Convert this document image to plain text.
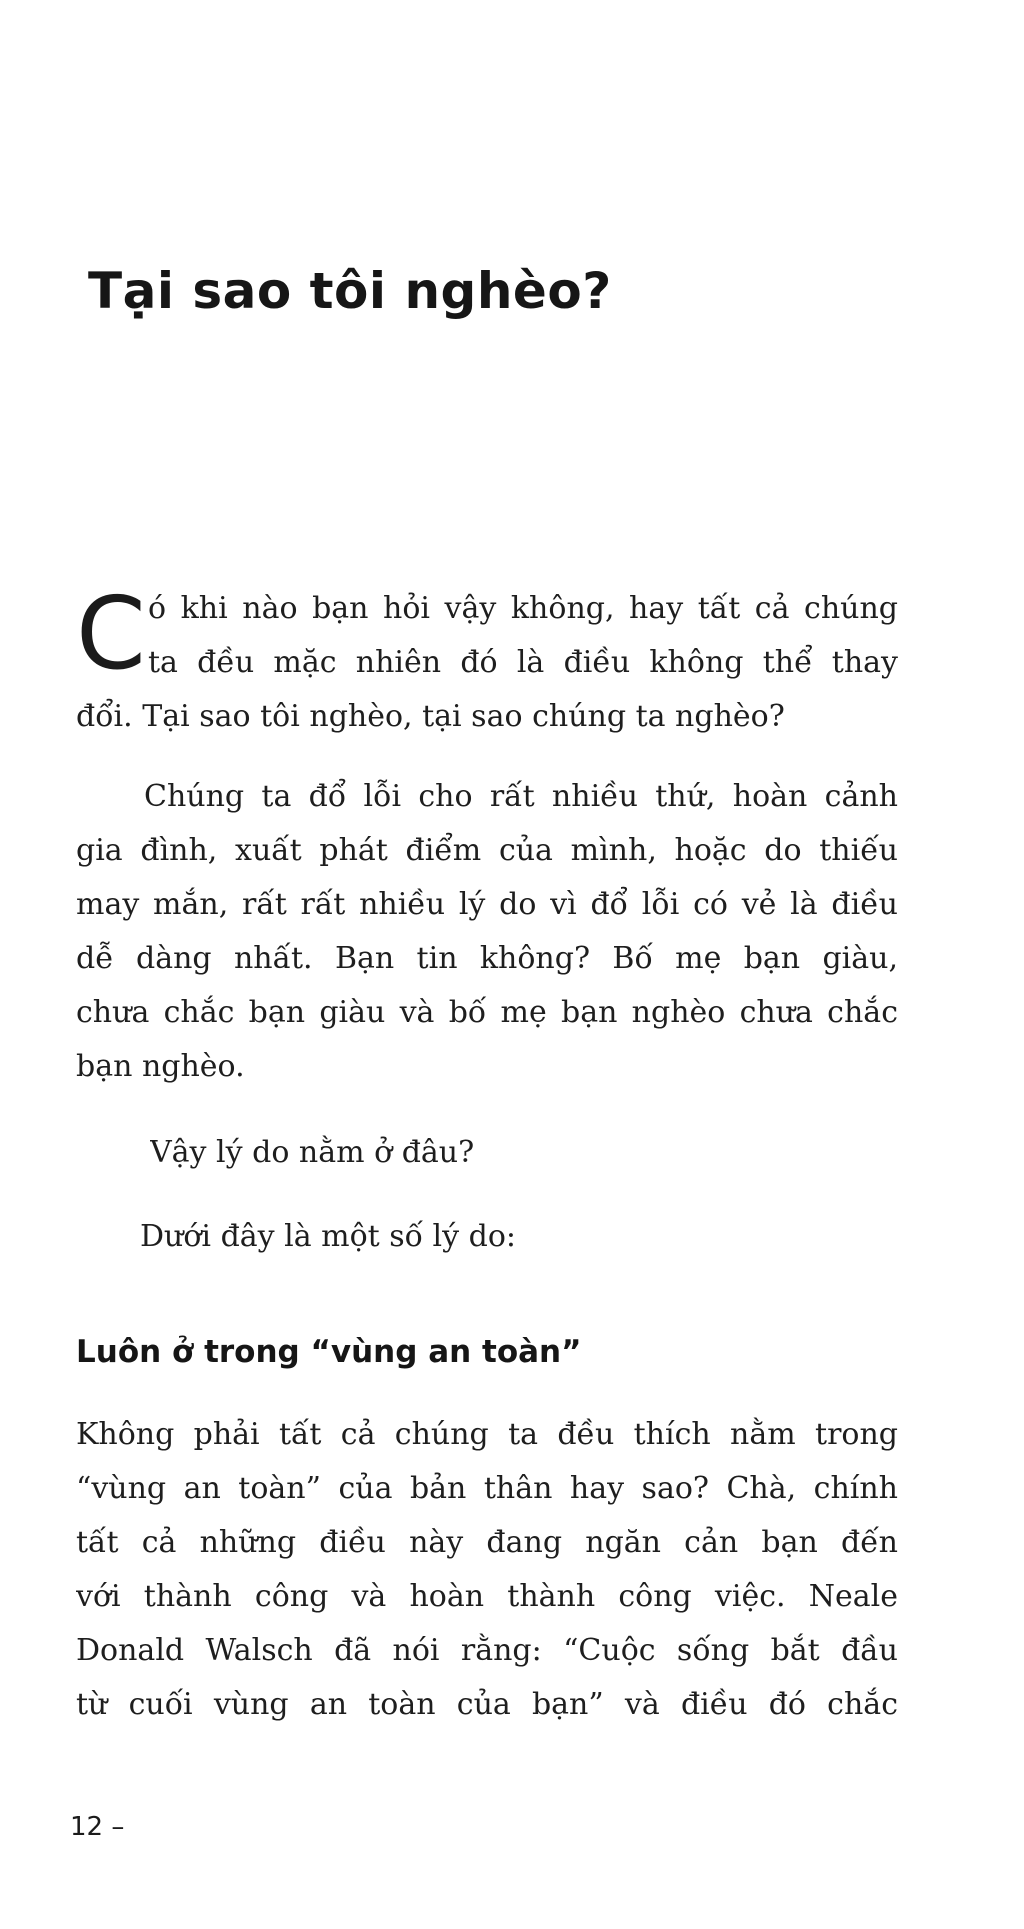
Tại sao tôi nghèo?
C ó khi nào bạn hỏi vậy không, hay tất cả chúng
ta đều mặc nhiên đó là điều không thể thay
đổi. Tại sao tôi nghèo, tại sao chúng ta nghèo?
Chúng ta đổ lỗi cho rất nhiều thứ, hoàn cảnh
gia đình, xuất phát điểm của mình, hoặc do thiếu
may mắn, rất rất nhiều lý do vì đổ lỗi có vẻ là điều
dễ dàng nhất. Bạn tin không? Bố mẹ bạn giàu,
chưa chắc bạn giàu và bố mẹ bạn nghèo chưa chắc
bạn nghèo.
Vậy lý do nằm ở đâu?
Dưới đây là một số lý do:
Luôn ở trong “vùng an toàn”
Không phải tất cả chúng ta đều thích nằm trong
“vùng an toàn” của bản thân hay sao? Chà, chính
tất cả những điều này đang ngăn cản bạn đến
với thành công và hoàn thành công việc. Neale
Donald Walsch đã nói rằng: “Cuộc sống bắt đầu
từ cuối vùng an toàn của bạn” và điều đó chắc
12 –
